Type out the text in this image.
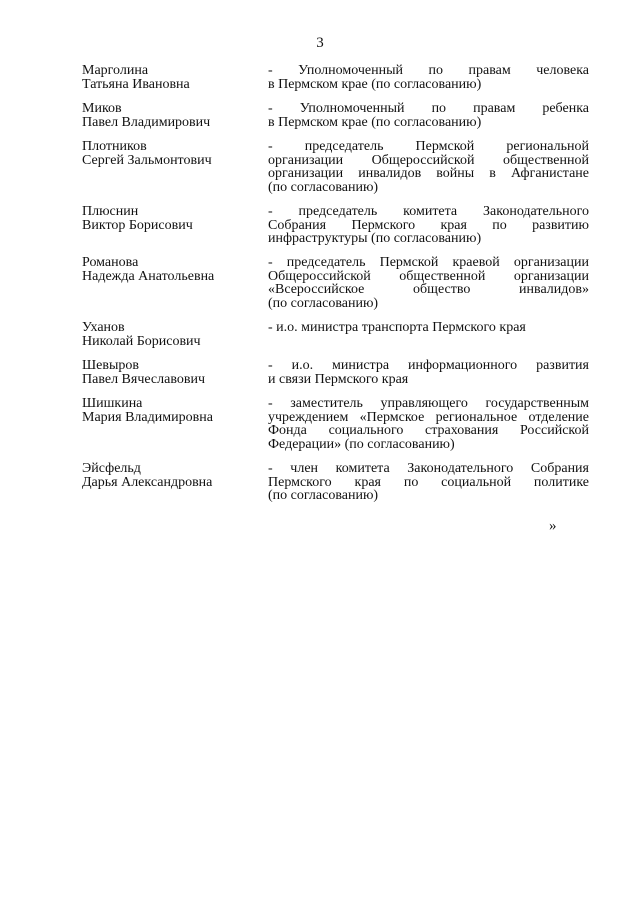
3
Марголина
Татьяна Ивановна
- Уполномоченный по правам человека
в Пермском крае (по согласованию)
Миков
Павел Владимирович
- Уполномоченный по правам ребенка
в Пермском крае (по согласованию)
Плотников
Сергей Зальмонтович
- председатель Пермской региональной
организации Общероссийской общественной
организации инвалидов войны в Афганистане
(по согласованию)
Плюснин
Виктор Борисович
- председатель комитета Законодательного
Собрания Пермского края по развитию
инфраструктуры (по согласованию)
Романова
Надежда Анатольевна
- председатель Пермской краевой организации
Общероссийской общественной организации
«Всероссийское общество инвалидов»
(по согласованию)
Уханов
Николай Борисович
- и.о. министра транспорта Пермского края
Шевыров
Павел Вячеславович
- и.о. министра информационного развития
и связи Пермского края
Шишкина
Мария Владимировна
- заместитель управляющего государственным
учреждением «Пермское региональное отделение
Фонда социального страхования Российской
Федерации» (по согласованию)
Эйсфельд
Дарья Александровна
- член комитета Законодательного Собрания
Пермского края по социальной политике
(по согласованию)
»
